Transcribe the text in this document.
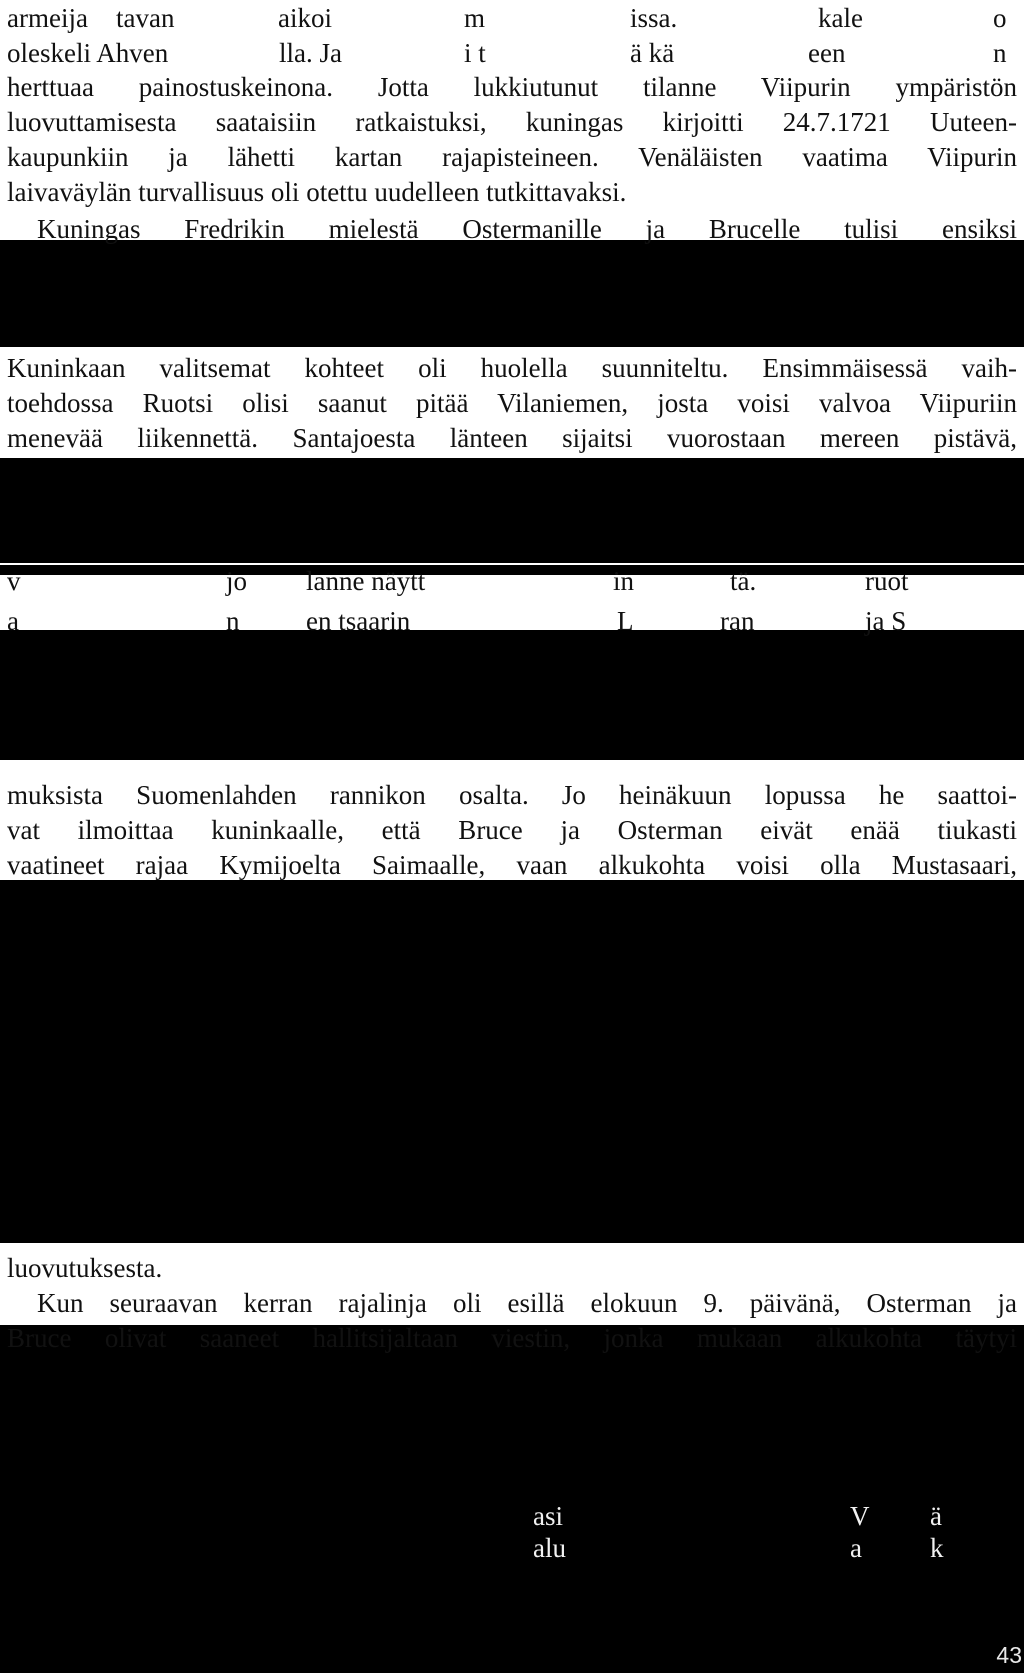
armeija tavan	aikoi	m	issa.	kale	o
oleskeli Ahven	lla. Ja	i t	ä kä	een	n
herttuaa painostuskeinona. Jotta lukkiutunut tilanne Viipurin ympäristön
luovuttamisesta saataisiin ratkaistuksi, kuningas kirjoitti 24.7.1721 Uuteen-
kaupunkiin ja lähetti kartan rajapisteineen. Venäläisten vaatima Viipurin
laivaväylän turvallisuus oli otettu uudelleen tutkittavaksi.
Kuningas Fredrikin mielestä Ostermanille ja Brucelle tulisi ensiksi
Kuninkaan valitsemat kohteet oli huolella suunniteltu. Ensimmäisessä vaih-
toehdossa Ruotsi olisi saanut pitää Vilaniemen, josta voisi valvoa Viipuriin
menevää liikennettä. Santajoesta länteen sijaitsi vuorostaan mereen pistävä,
v	jo lanne näytt	in	tä.	ruot
a	n en tsaarin	L	ran	ja S
muksista Suomenlahden rannikon osalta. Jo heinäkuun lopussa he saattoi-
vat ilmoittaa kuninkaalle, että Bruce ja Osterman eivät enää tiukasti
vaatineet rajaa Kymijoelta Saimaalle, vaan alkukohta voisi olla Mustasaari,
luovutuksesta.
Kun seuraavan kerran rajalinja oli esillä elokuun 9. päivänä, Osterman ja
Bruce olivat saaneet hallitsijaltaan viestin, jonka mukaan alkukohta täytyi
asi	V ä
alu	a	k
43
